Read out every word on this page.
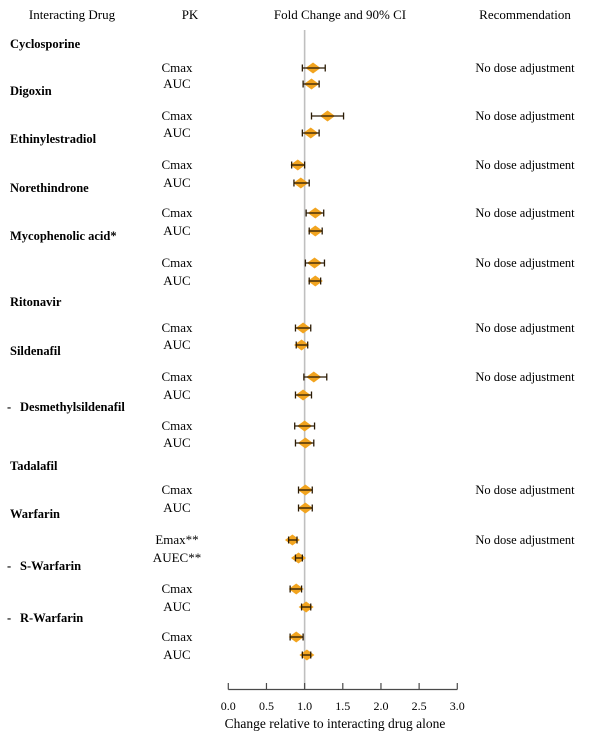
Interacting Drug	PK	Fold Change and 90% CI	Recommendation
Change relative to interacting drug alone
Cyclosporine
Cmax	No dose adjustment
AUC
Digoxin
Cmax	No dose adjustment
AUC
Ethinylestradiol
Cmax	No dose adjustment
AUC
Norethindrone
Cmax	No dose adjustment
AUC
Mycophenolic acid*
Cmax	No dose adjustment
AUC
Ritonavir
Cmax	No dose adjustment
AUC
Sildenafil
Cmax	No dose adjustment
AUC
- Desmethylsildenafil
Cmax
AUC
Tadalafil
Cmax	No dose adjustment
AUC
Warfarin
Emax**	No dose adjustment
AUEC**
- S-Warfarin
Cmax
AUC
- R-Warfarin
Cmax
AUC
0.0 0.5 1.0 1.5 2.0 2.5 3.0
